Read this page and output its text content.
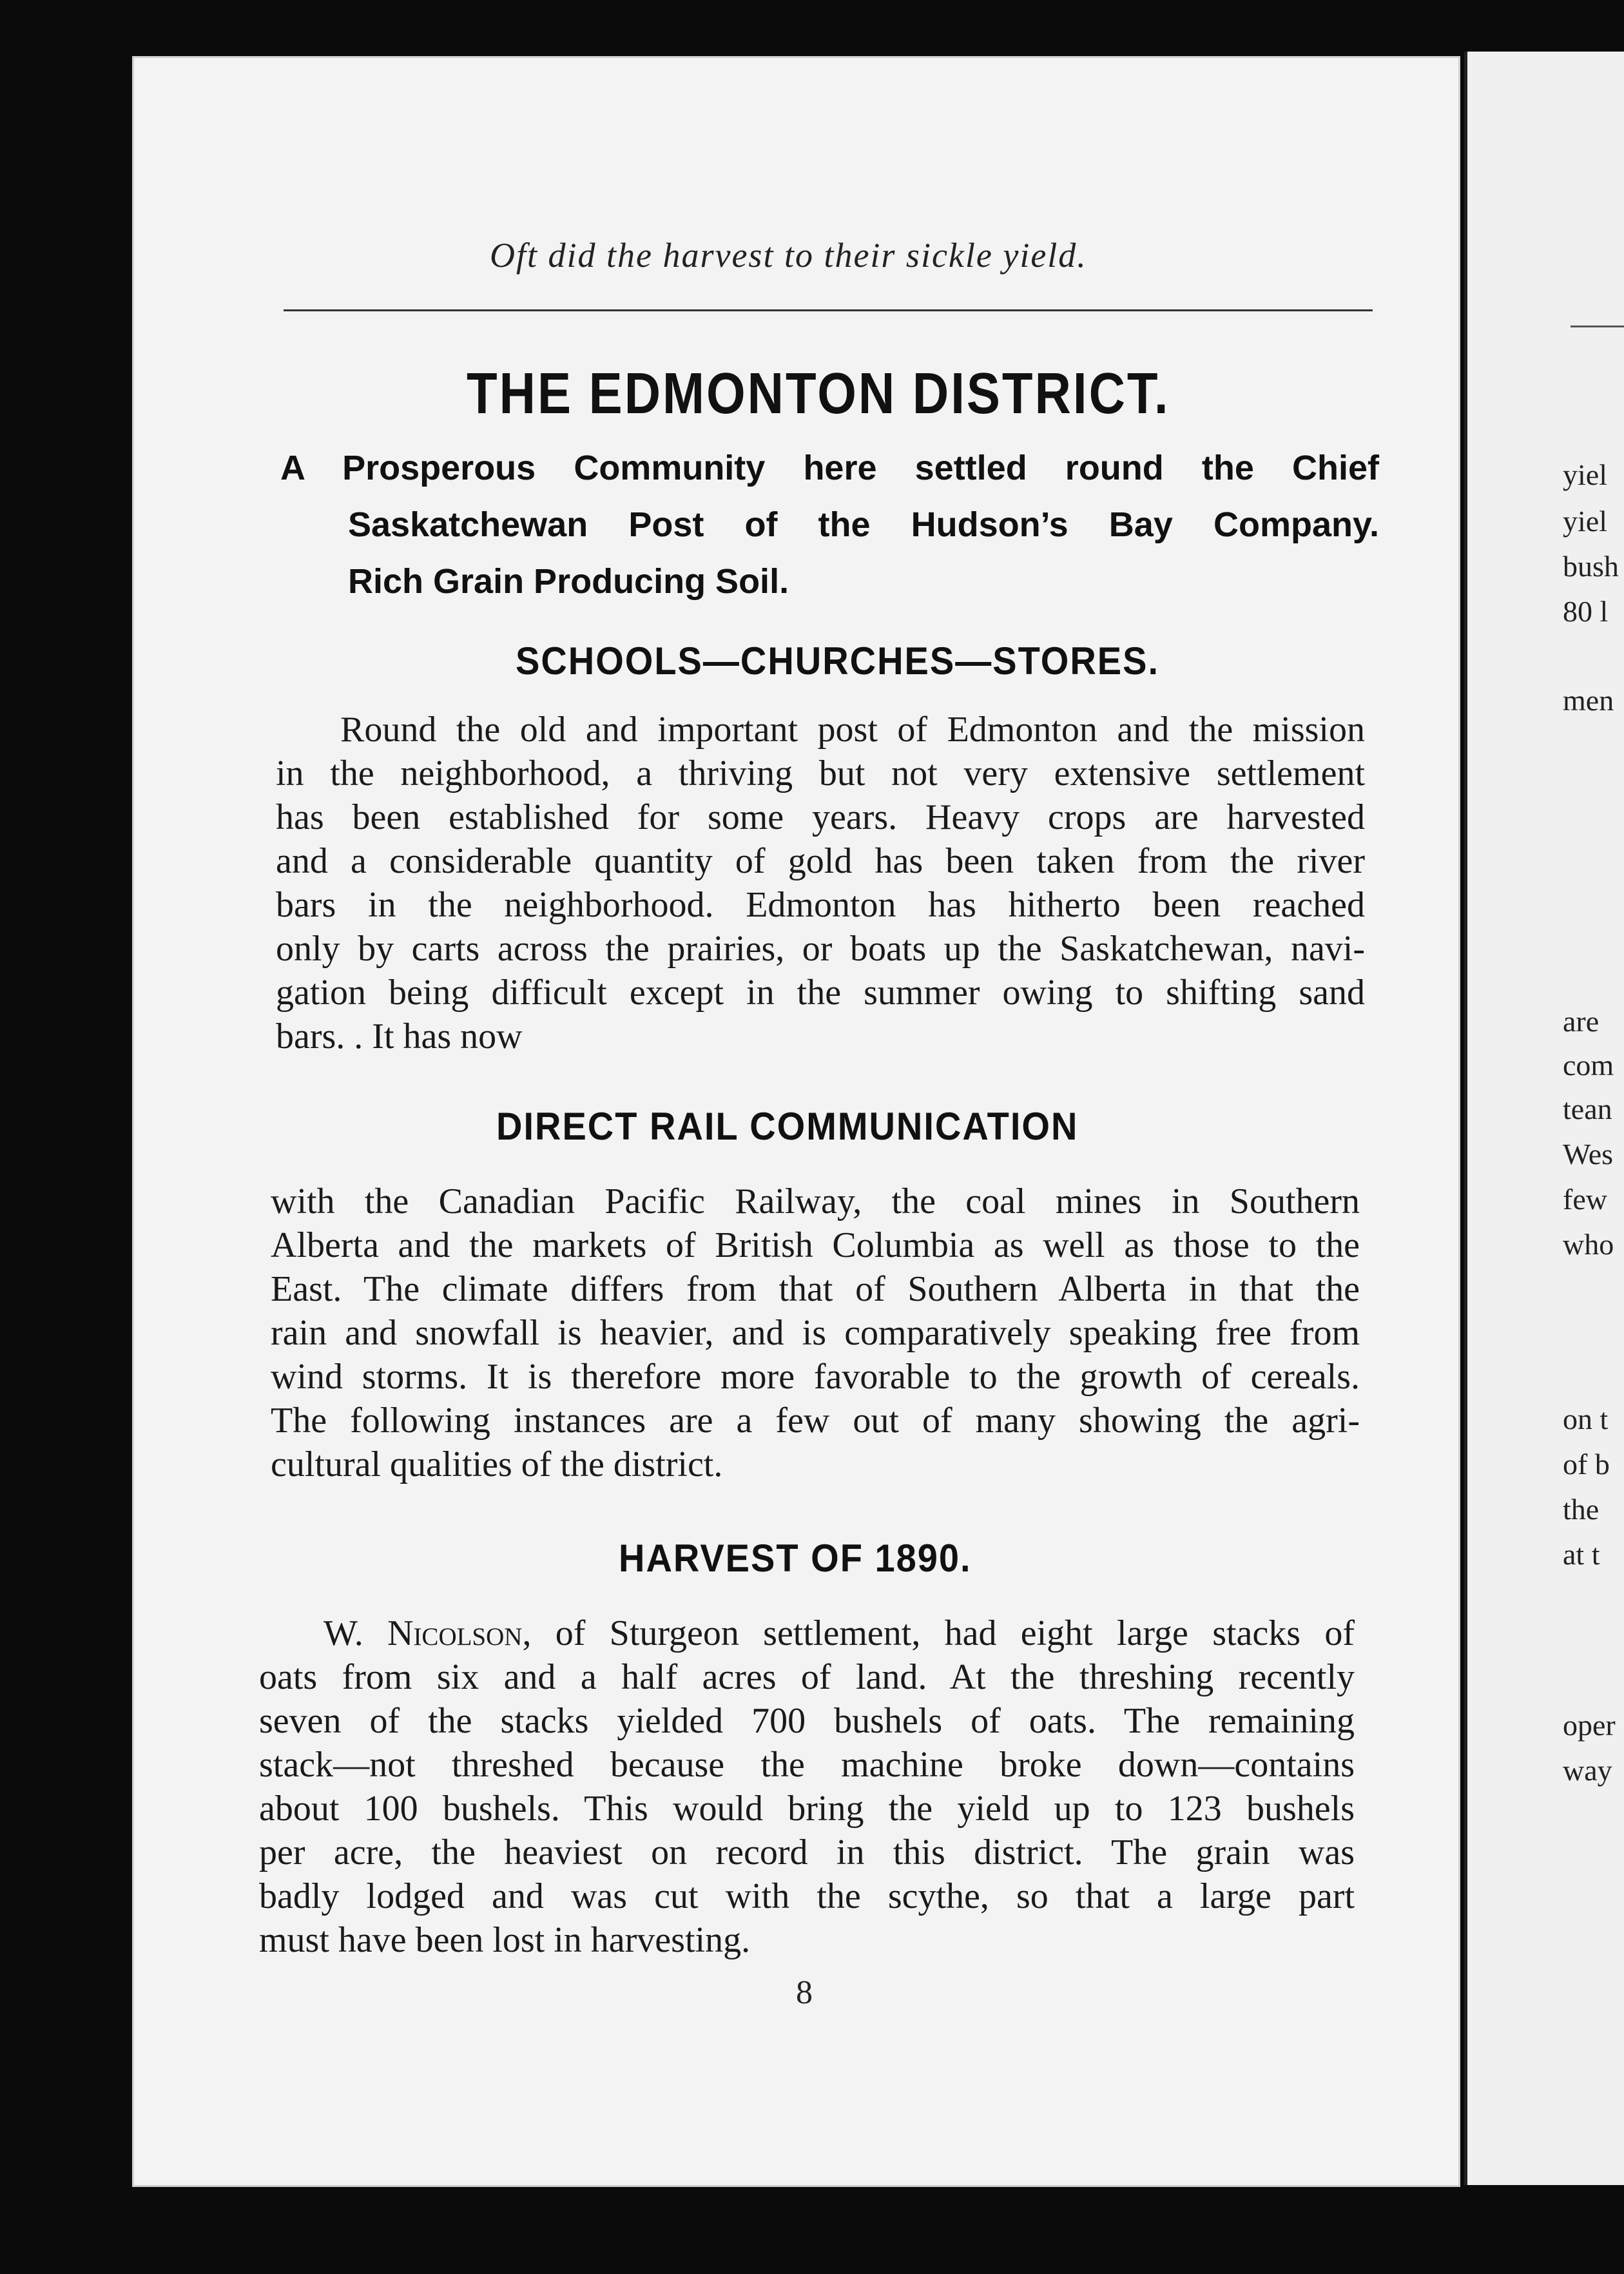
yiel
yiel
bush
80 l
men
are
com
tean
Wes
few
who
on t
of b
the
at t
oper
way
Oft did the harvest to their sickle yield.
THE EDMONTON DISTRICT.
A Prosperous Community here settled round the Chief
Saskatchewan Post of the Hudson’s Bay Company.
Rich Grain Producing Soil.
SCHOOLS—CHURCHES—STORES.
Round the old and important post of Edmonton and the mission
in the neighborhood, a thriving but not very extensive settlement
has been established for some years. Heavy crops are harvested
and a considerable quantity of gold has been taken from the river
bars in the neighborhood. Edmonton has hitherto been reached
only by carts across the prairies, or boats up the Saskatchewan, navi-
gation being difficult except in the summer owing to shifting sand
bars. . It has now
DIRECT RAIL COMMUNICATION
with the Canadian Pacific Railway, the coal mines in Southern
Alberta and the markets of British Columbia as well as those to the
East. The climate differs from that of Southern Alberta in that the
rain and snowfall is heavier, and is comparatively speaking free from
wind storms. It is therefore more favorable to the growth of cereals.
The following instances are a few out of many showing the agri-
cultural qualities of the district.
HARVEST OF 1890.
W. Nicolson, of Sturgeon settlement, had eight large stacks of
oats from six and a half acres of land. At the threshing recently
seven of the stacks yielded 700 bushels of oats. The remaining
stack—not threshed because the machine broke down—contains
about 100 bushels. This would bring the yield up to 123 bushels
per acre, the heaviest on record in this district. The grain was
badly lodged and was cut with the scythe, so that a large part
must have been lost in harvesting.
8
